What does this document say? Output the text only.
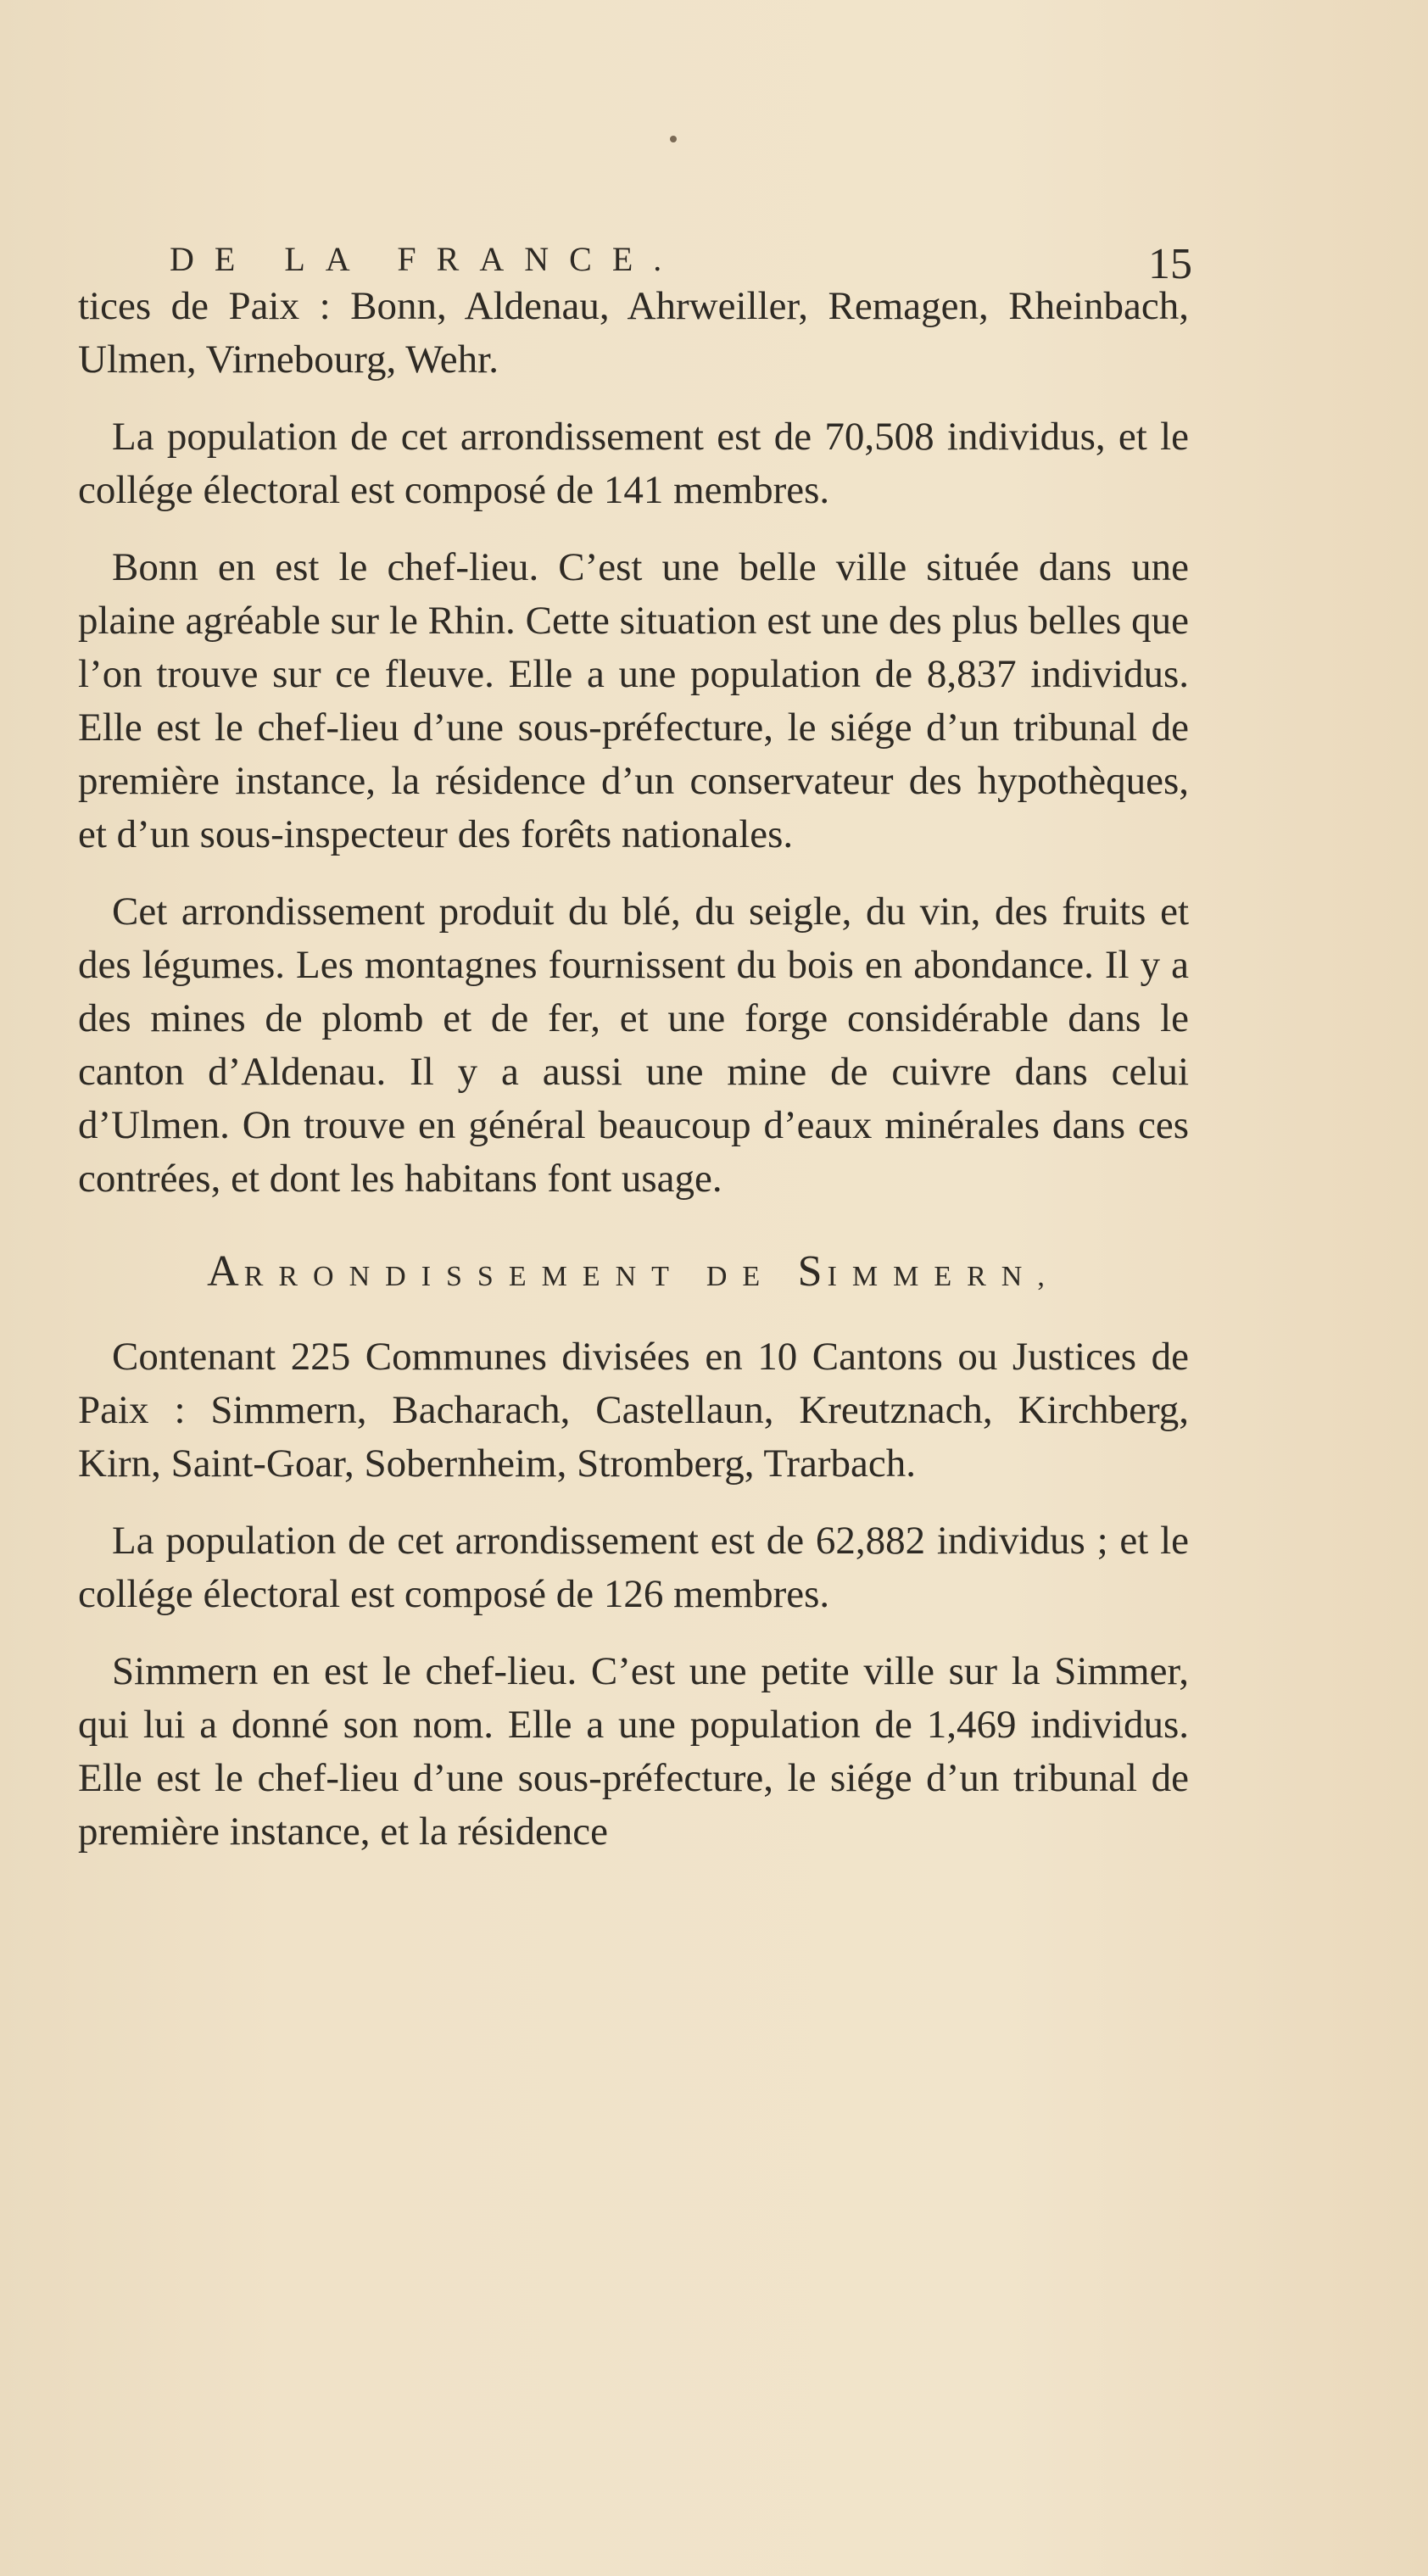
DE LA FRANCE.	15

tices de Paix : Bonn, Aldenau, Ahrweiller, Remagen, Rheinbach, Ulmen, Virnebourg, Wehr.

La population de cet arrondissement est de 70,508 individus, et le collége électoral est composé de 141 membres.

Bonn en est le chef-lieu. C’est une belle ville située dans une plaine agréable sur le Rhin. Cette situation est une des plus belles que l’on trouve sur ce fleuve. Elle a une population de 8,837 individus. Elle est le chef-lieu d’une sous-préfecture, le siége d’un tribunal de première instance, la résidence d’un conservateur des hypothèques, et d’un sous-inspecteur des forêts nationales.

Cet arrondissement produit du blé, du seigle, du vin, des fruits et des légumes. Les montagnes fournissent du bois en abondance. Il y a des mines de plomb et de fer, et une forge considérable dans le canton d’Aldenau. Il y a aussi une mine de cuivre dans celui d’Ulmen. On trouve en général beaucoup d’eaux minérales dans ces contrées, et dont les habitans font usage.

ARRONDISSEMENT DE SIMMERN,

Contenant 225 Communes divisées en 10 Cantons ou Justices de Paix : Simmern, Bacharach, Castellaun, Kreutznach, Kirchberg, Kirn, Saint-Goar, Sobernheim, Stromberg, Trarbach.

La population de cet arrondissement est de 62,882 individus ; et le collége électoral est composé de 126 membres.

Simmern en est le chef-lieu. C’est une petite ville sur la Simmer, qui lui a donné son nom. Elle a une population de 1,469 individus. Elle est le chef-lieu d’une sous-préfecture, le siége d’un tribunal de première instance, et la résidence
